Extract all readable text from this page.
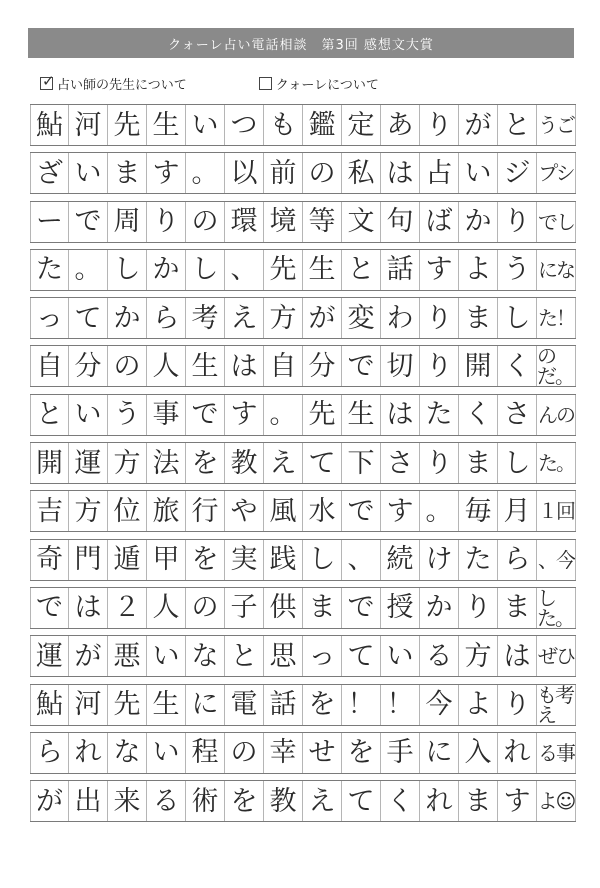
クォーレ占い電話相談　第3回 感想文大賞
✓ 占い師の先生について	クォーレについて
鮎 河 先 生 い つ も 鑑 定 あ り が と うご
ざ い ま す 。 以 前 の 私 は 占 い ジ プシ
ー で 周 り の 環 境 等 文 句 ば か り でし
た 。 し か し 、 先 生 と 話 す よ う にな
っ て か ら 考 え 方 が 変 わ り ま し た！
自 分 の 人 生 は 自 分 で 切 り 開 く のだ。
と い う 事 で す 。 先 生 は た く さ んの
開 運 方 法 を 教 え て 下 さ り ま し た。
吉 方 位 旅 行 や 風 水 で す 。 毎 月 １回
奇 門 遁 甲 を 実 践 し 、 続 け た ら 、今
で は ２ 人 の 子 供 ま で 授 か り ま した。
運 が 悪 い な と 思 っ て い る 方 は ぜひ
鮎 河 先 生 に 電 話 を ！ ！ 今 よ り も考え
ら れ な い 程 の 幸 せ を 手 に 入 れ る事
が 出 来 る 術 を 教 え て く れ ま す よ☺
